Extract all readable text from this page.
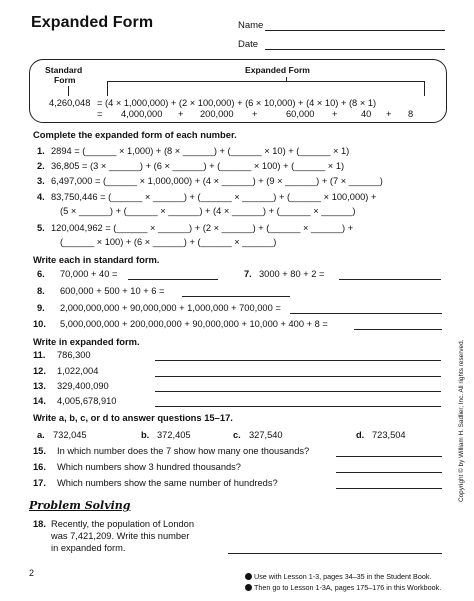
Expanded Form	Name
Date
Standard
Form
Expanded Form
4,260,048 = (4 × 1,000,000) + (2 × 100,000) + (6 × 10,000) + (4 × 10) + (8 × 1)
= 4,000,000 + 200,000 +	60,000 +	40 + 8
Complete the expanded form of each number.
1. 2894 = (______ × 1,000) + (8 × ______) + (______ × 10) + (______ × 1)
2. 36,805 = (3 × ______) + (6 × ______) + (______ × 100) + (______ × 1)
3. 6,497,000 = (______ × 1,000,000) + (4 × ______) + (9 × ______) + (7 × ______)
4. 83,750,446 = (______ × ______) + (______ × ______) + (______ × 100,000) +
(5 × ______) + (______ × ______) + (4 × ______) + (______ × ______)
5. 120,004,962 = (______ × ______) + (2 × ______) + (______ × ______) +
(______ × 100) + (6 × ______) + (______ × ______)
Write each in standard form.
6. 70,000 + 40 =	7. 3000 + 80 + 2 =
8. 600,000 + 500 + 10 + 6 =
9. 2,000,000,000 + 90,000,000 + 1,000,000 + 700,000 =
10. 5,000,000,000 + 200,000,000 + 90,000,000 + 10,000 + 400 + 8 =
Write in expanded form.
11. 786,300
12. 1,022,004
13. 329,400,090
14. 4,005,678,910
Write a, b, c, or d to answer questions 15–17.
a. 732,045	b. 372,405	c. 327,540	d. 723,504
15. In which number does the 7 show how many one thousands?
16. Which numbers show 3 hundred thousands?
17. Which numbers show the same number of hundreds?
Problem Solving
18. Recently, the population of London
was 7,421,209. Write this number
in expanded form.
Copyright © by William H. Sadlier, Inc. All rights reserved.
2	Use with Lesson 1-3, pages 34–35 in the Student Book.
Then go to Lesson 1-3A, pages 175–176 in this Workbook.
